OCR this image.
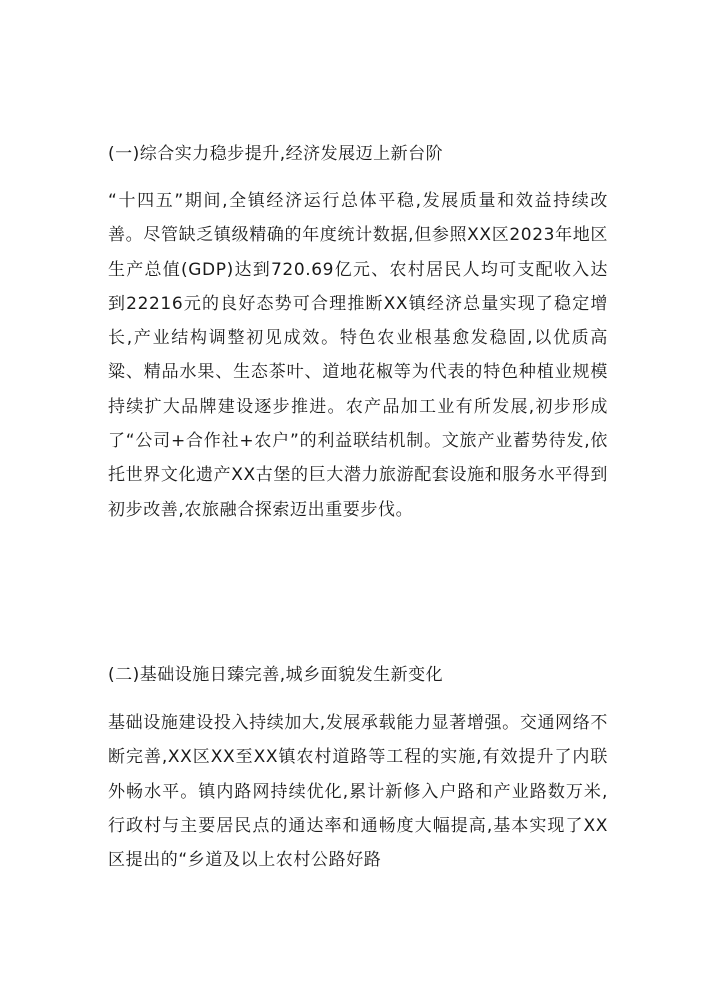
(一)综合实力稳步提升,经济发展迈上新台阶

“十四五”期间,全镇经济运行总体平稳,发展质量和效益持续改善。尽管缺乏镇级精确的年度统计数据,但参照XX区2023年地区生产总值(GDP)达到720.69亿元、农村居民人均可支配收入达到22216元的良好态势可合理推断XX镇经济总量实现了稳定增长,产业结构调整初见成效。特色农业根基愈发稳固,以优质高粱、精品水果、生态茶叶、道地花椒等为代表的特色种植业规模持续扩大品牌建设逐步推进。农产品加工业有所发展,初步形成了“公司+合作社+农户”的利益联结机制。文旅产业蓄势待发,依托世界文化遗产XX古堡的巨大潜力旅游配套设施和服务水平得到初步改善,农旅融合探索迈出重要步伐。

(二)基础设施日臻完善,城乡面貌发生新变化

基础设施建设投入持续加大,发展承载能力显著增强。交通网络不断完善,XX区XX至XX镇农村道路等工程的实施,有效提升了内联外畅水平。镇内路网持续优化,累计新修入户路和产业路数万米,行政村与主要居民点的通达率和通畅度大幅提高,基本实现了XX区提出的“乡道及以上农村公路好路
